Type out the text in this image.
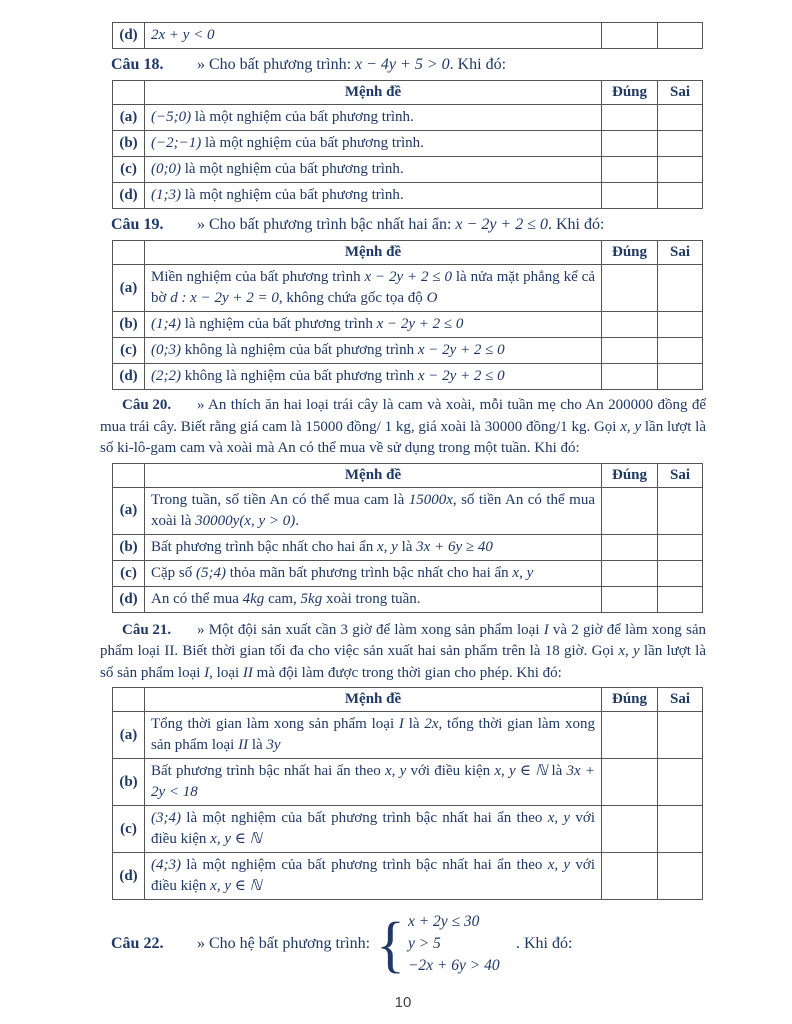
(d)	2x + y < 0		
Câu 18. » Cho bất phương trình: x − 4y + 5 > 0. Khi đó:
	Mệnh đề	Đúng	Sai
(a)	(−5;0) là một nghiệm của bất phương trình.		
(b)	(−2;−1) là một nghiệm của bất phương trình.		
(c)	(0;0) là một nghiệm của bất phương trình.		
(d)	(1;3) là một nghiệm của bất phương trình.		
Câu 19. » Cho bất phương trình bậc nhất hai ẩn: x − 2y + 2 ≤ 0. Khi đó:
	Mệnh đề	Đúng	Sai
(a)	Miền nghiệm của bất phương trình x − 2y + 2 ≤ 0 là nửa mặt phẳng kể cả bờ d : x − 2y + 2 = 0, không chứa gốc tọa độ O		
(b)	(1;4) là nghiệm của bất phương trình x − 2y + 2 ≤ 0		
(c)	(0;3) không là nghiệm của bất phương trình x − 2y + 2 ≤ 0		
(d)	(2;2) không là nghiệm của bất phương trình x − 2y + 2 ≤ 0		
Câu 20. » An thích ăn hai loại trái cây là cam và xoài, mỗi tuần mẹ cho An 200000 đồng để mua trái cây. Biết rằng giá cam là 15000 đồng/ 1 kg, giá xoài là 30000 đồng/1 kg. Gọi x, y lần lượt là số ki-lô-gam cam và xoài mà An có thể mua về sử dụng trong một tuần. Khi đó:
	Mệnh đề	Đúng	Sai
(a)	Trong tuần, số tiền An có thể mua cam là 15000x, số tiền An có thể mua xoài là 30000y(x, y > 0).		
(b)	Bất phương trình bậc nhất cho hai ẩn x, y là 3x + 6y ≥ 40		
(c)	Cặp số (5;4) thỏa mãn bất phương trình bậc nhất cho hai ẩn x, y		
(d)	An có thể mua 4kg cam, 5kg xoài trong tuần.		
Câu 21. » Một đội sản xuất cần 3 giờ để làm xong sản phẩm loại I và 2 giờ để làm xong sản phẩm loại II. Biết thời gian tối đa cho việc sản xuất hai sản phẩm trên là 18 giờ. Gọi x, y lần lượt là số sản phẩm loại I, loại II mà đội làm được trong thời gian cho phép. Khi đó:
	Mệnh đề	Đúng	Sai
(a)	Tổng thời gian làm xong sản phẩm loại I là 2x, tổng thời gian làm xong sản phẩm loại II là 3y		
(b)	Bất phương trình bậc nhất hai ẩn theo x, y với điều kiện x, y ∈ ℕ là 3x + 2y < 18		
(c)	(3;4) là một nghiệm của bất phương trình bậc nhất hai ẩn theo x, y với điều kiện x, y ∈ ℕ		
(d)	(4;3) là một nghiệm của bất phương trình bậc nhất hai ẩn theo x, y với điều kiện x, y ∈ ℕ		
Câu 22.	» Cho hệ bất phương trình: { x + 2y ≤ 30
y > 5
−2x + 6y > 40
. Khi đó:
10
